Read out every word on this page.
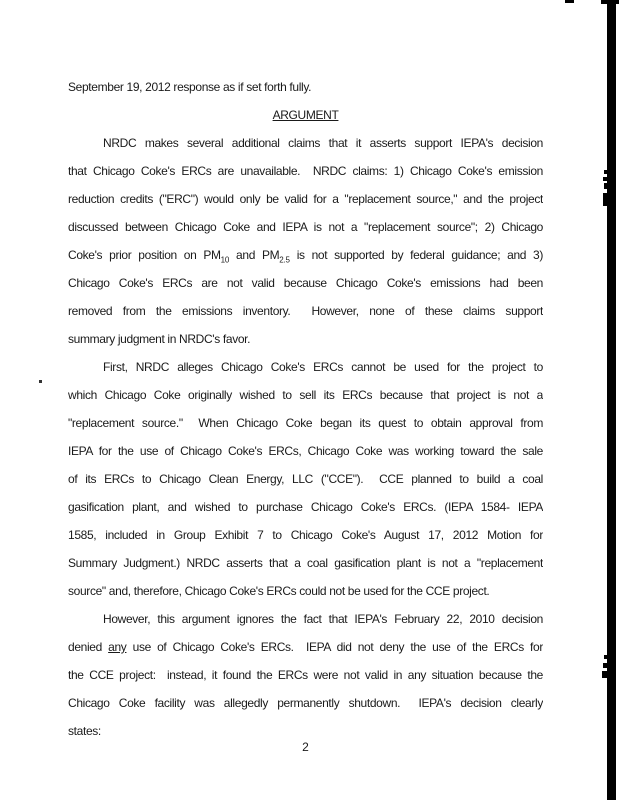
September 19, 2012 response as if set forth fully.
ARGUMENT
NRDC makes several additional claims that it asserts support IEPA's decision
that Chicago Coke's ERCs are unavailable.  NRDC claims: 1) Chicago Coke's emission
reduction credits ("ERC") would only be valid for a "replacement source," and the project
discussed between Chicago Coke and IEPA is not a "replacement source"; 2) Chicago
Coke's prior position on $PM_{10}$ and $PM_{2.5}$ is not supported by federal guidance; and 3)
Chicago Coke's ERCs are not valid because Chicago Coke's emissions had been
removed from the emissions inventory.  However, none of these claims support
summary judgment in NRDC's favor.
First, NRDC alleges Chicago Coke's ERCs cannot be used for the project to
which Chicago Coke originally wished to sell its ERCs because that project is not a
"replacement source."  When Chicago Coke began its quest to obtain approval from
IEPA for the use of Chicago Coke's ERCs, Chicago Coke was working toward the sale
of its ERCs to Chicago Clean Energy, LLC ("CCE").  CCE planned to build a coal
gasification plant, and wished to purchase Chicago Coke's ERCs. (IEPA 1584- IEPA
1585, included in Group Exhibit 7 to Chicago Coke's August 17, 2012 Motion for
Summary Judgment.) NRDC asserts that a coal gasification plant is not a "replacement
source" and, therefore, Chicago Coke's ERCs could not be used for the CCE project.
However, this argument ignores the fact that IEPA's February 22, 2010 decision
denied any use of Chicago Coke's ERCs.  IEPA did not deny the use of the ERCs for
the CCE project:  instead, it found the ERCs were not valid in any situation because the
Chicago Coke facility was allegedly permanently shutdown.  IEPA's decision clearly
states:
2
